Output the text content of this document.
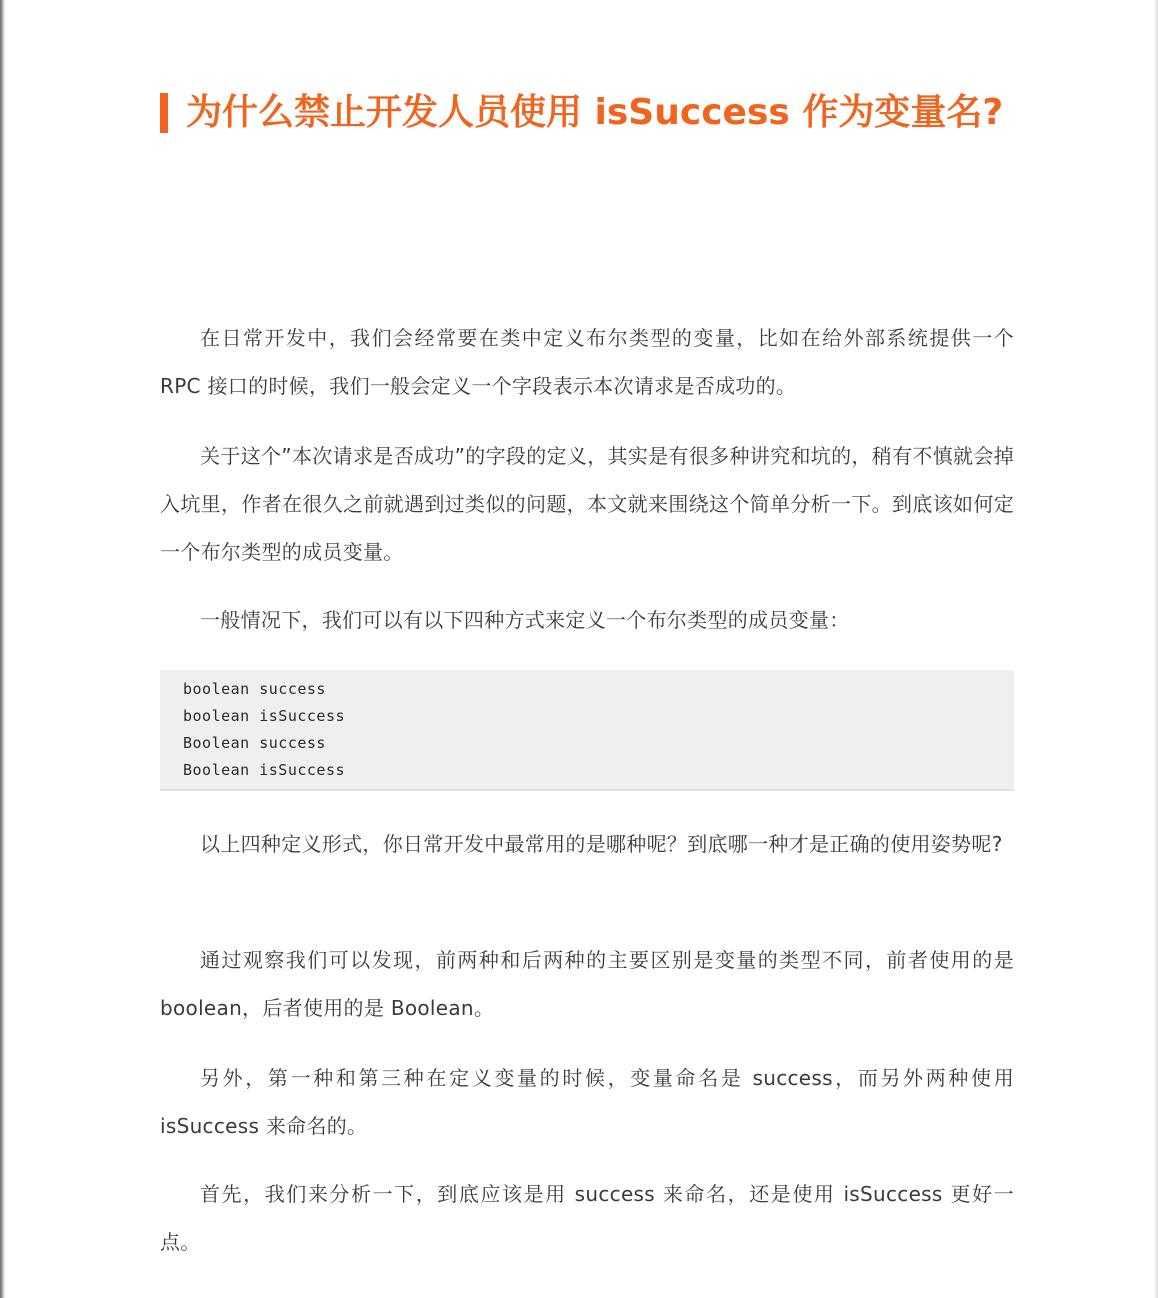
为什么禁止开发人员使用 isSuccess 作为变量名?

在日常开发中，我们会经常要在类中定义布尔类型的变量，比如在给外部系统提供一个 RPC 接口的时候，我们一般会定义一个字段表示本次请求是否成功的。

关于这个”本次请求是否成功”的字段的定义，其实是有很多种讲究和坑的，稍有不慎就会掉入坑里，作者在很久之前就遇到过类似的问题，本文就来围绕这个简单分析一下。到底该如何定一个布尔类型的成员变量。

一般情况下，我们可以有以下四种方式来定义一个布尔类型的成员变量：

boolean success
boolean isSuccess
Boolean success
Boolean isSuccess

以上四种定义形式，你日常开发中最常用的是哪种呢？到底哪一种才是正确的使用姿势呢?

通过观察我们可以发现，前两种和后两种的主要区别是变量的类型不同，前者使用的是 boolean，后者使用的是 Boolean。

另外，第一种和第三种在定义变量的时候，变量命名是 success，而另外两种使用 isSuccess 来命名的。

首先，我们来分析一下，到底应该是用 success 来命名，还是使用 isSuccess 更好一点。
